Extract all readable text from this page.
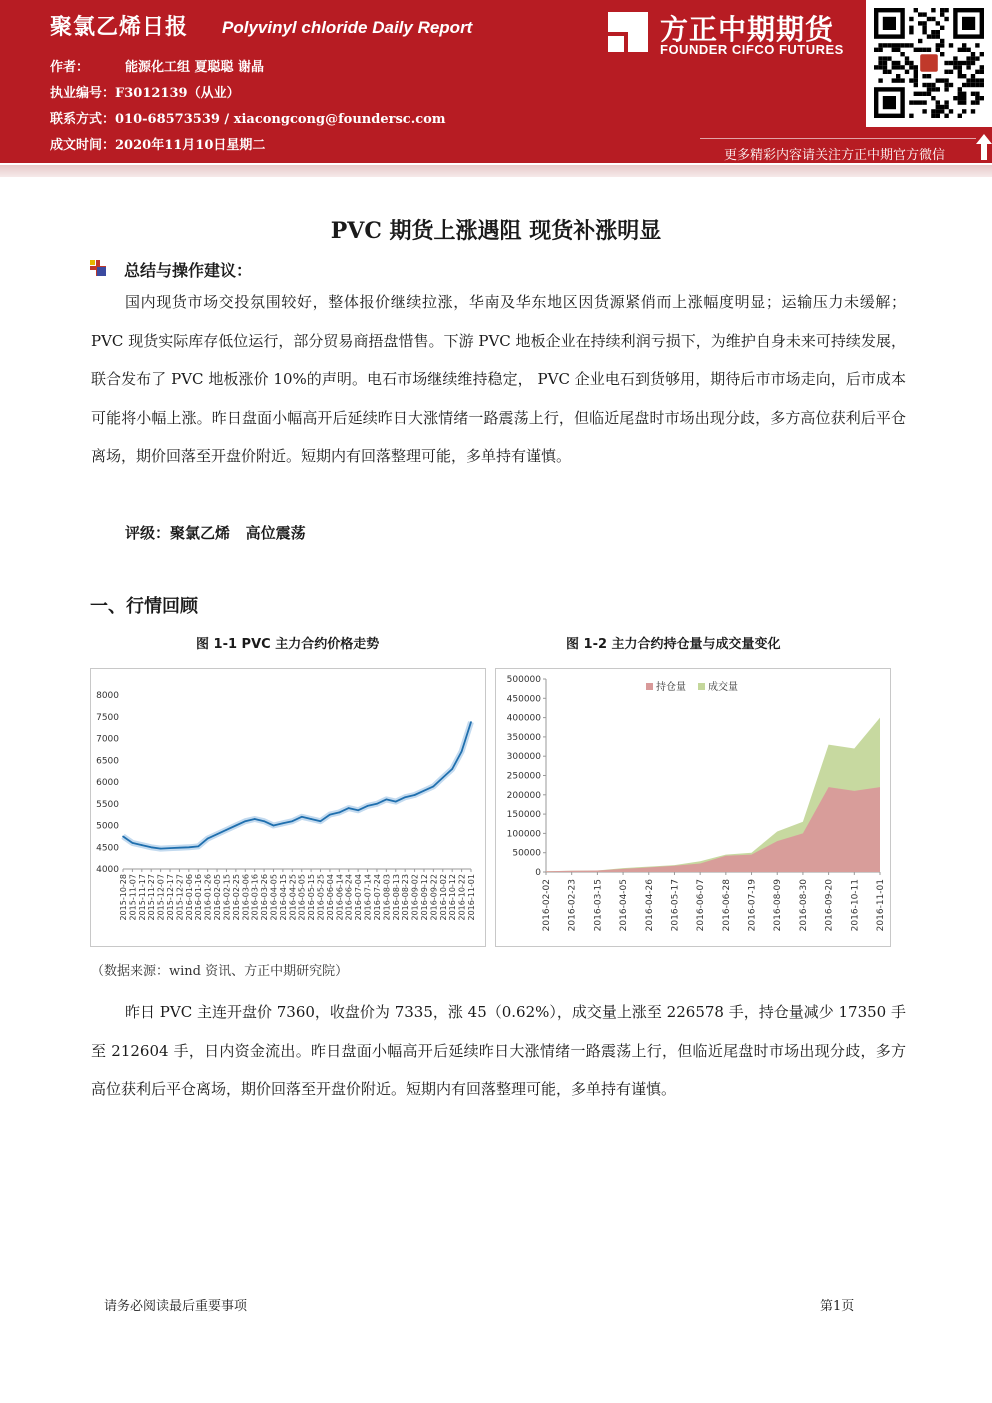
聚氯乙烯日报 Polyvinyl chloride Daily Report
作者：	能源化工组 夏聪聪 谢晶
执业编号：F3012139（从业）
联系方式：010-68573539 / xiacongcong@foundersc.com
成文时间：2020年11月10日星期二
方正中期期货
FOUNDER CIFCO FUTURES
更多精彩内容请关注方正中期官方微信
PVC 期货上涨遇阻 现货补涨明显
总结与操作建议：
国内现货市场交投氛围较好，整体报价继续拉涨，华南及华东地区因货源紧俏而上涨幅度明显；运输压力未缓解；PVC 现货实际库存低位运行，部分贸易商捂盘惜售。下游 PVC 地板企业在持续利润亏损下，为维护自身未来可持续发展，联合发布了 PVC 地板涨价 10%的声明。电石市场继续维持稳定， PVC 企业电石到货够用，期待后市市场走向，后市成本可能将小幅上涨。昨日盘面小幅高开后延续昨日大涨情绪一路震荡上行，但临近尾盘时市场出现分歧，多方高位获利后平仓离场，期价回落至开盘价附近。短期内有回落整理可能，多单持有谨慎。
评级：聚氯乙烯   高位震荡
一、行情回顾
图 1-1 PVC 主力合约价格走势
4000
4500
5000
5500
6000
6500
7000
7500
8000
2015-10-28 2015-11-07 2015-11-17 2015-11-27 2015-12-07 2015-12-17 2015-12-27 2016-01-06 2016-01-16 2016-01-26 2016-02-05 2016-02-15 2016-02-25 2016-03-06 2016-03-16 2016-03-26 2016-04-05 2016-04-15 2016-04-25 2016-05-05 2016-05-15 2016-05-25 2016-06-04 2016-06-14 2016-06-24 2016-07-04 2016-07-14 2016-07-24 2016-08-03 2016-08-13 2016-08-23 2016-09-02 2016-09-12 2016-09-22 2016-10-02 2016-10-12 2016-10-22 2016-11-01
图 1-2 主力合约持仓量与成交量变化
0
50000
100000
150000
200000
250000
300000
350000
400000
450000
500000
2016-02-02 2016-02-23 2016-03-15 2016-04-05 2016-04-26 2016-05-17 2016-06-07 2016-06-28 2016-07-19 2016-08-09 2016-08-30 2016-09-20 2016-10-11 2016-11-01
持仓量 成交量
（数据来源：wind 资讯、方正中期研究院）
昨日 PVC 主连开盘价 7360，收盘价为 7335，涨 45（0.62%），成交量上涨至 226578 手，持仓量减少 17350 手至 212604 手，日内资金流出。昨日盘面小幅高开后延续昨日大涨情绪一路震荡上行，但临近尾盘时市场出现分歧，多方高位获利后平仓离场，期价回落至开盘价附近。短期内有回落整理可能，多单持有谨慎。
请务必阅读最后重要事项	第1页
